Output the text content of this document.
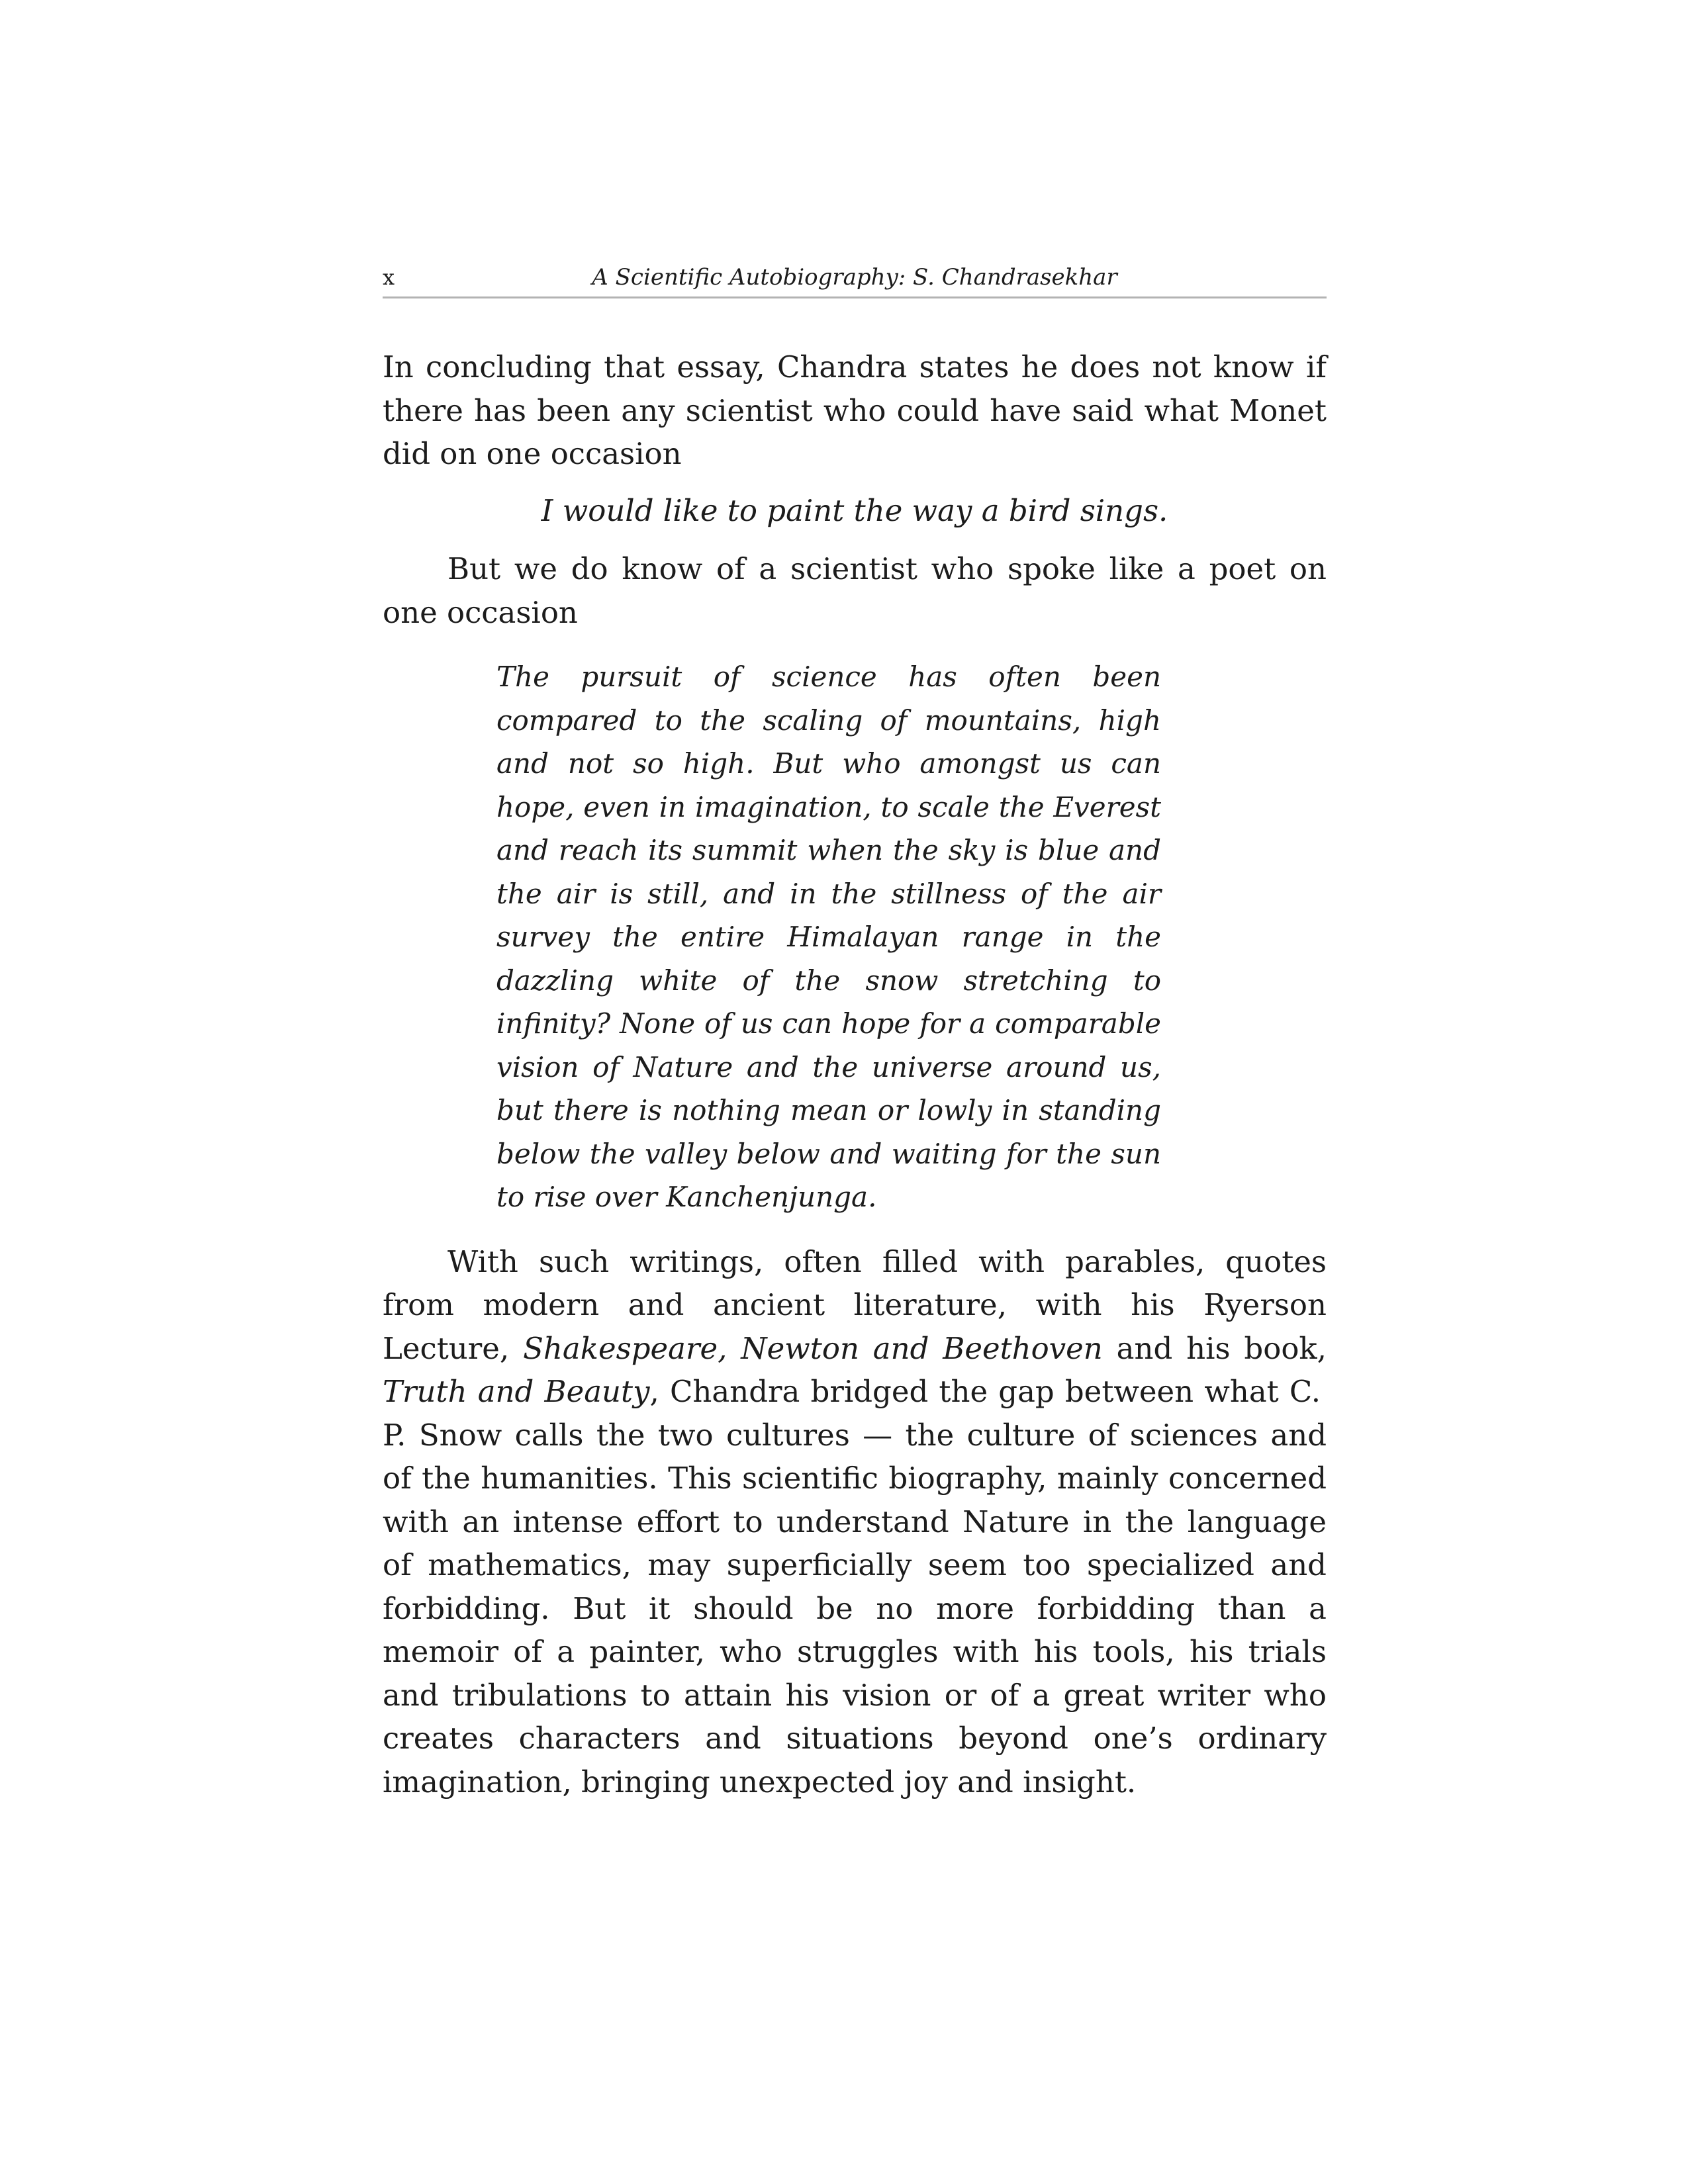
x	A Scientific Autobiography: S. Chandrasekhar

In concluding that essay, Chandra states he does not know if there has been any scientist who could have said what Monet did on one occasion

I would like to paint the way a bird sings.

But we do know of a scientist who spoke like a poet on one occasion

The pursuit of science has often been compared to the scaling of mountains, high and not so high. But who amongst us can hope, even in imagination, to scale the Everest and reach its summit when the sky is blue and the air is still, and in the stillness of the air survey the entire Himalayan range in the dazzling white of the snow stretching to infinity? None of us can hope for a comparable vision of Nature and the universe around us, but there is nothing mean or lowly in standing below the valley below and waiting for the sun to rise over Kanchenjunga.

With such writings, often filled with parables, quotes from modern and ancient literature, with his Ryerson Lecture, Shakespeare, Newton and Beethoven and his book, Truth and Beauty, Chandra bridged the gap between what C. P. Snow calls the two cultures — the culture of sciences and of the humanities. This scientific biography, mainly concerned with an intense effort to understand Nature in the language of mathematics, may superficially seem too specialized and forbidding. But it should be no more forbidding than a memoir of a painter, who struggles with his tools, his trials and tribulations to attain his vision or of a great writer who creates characters and situations beyond one’s ordinary imagination, bringing unexpected joy and insight.
